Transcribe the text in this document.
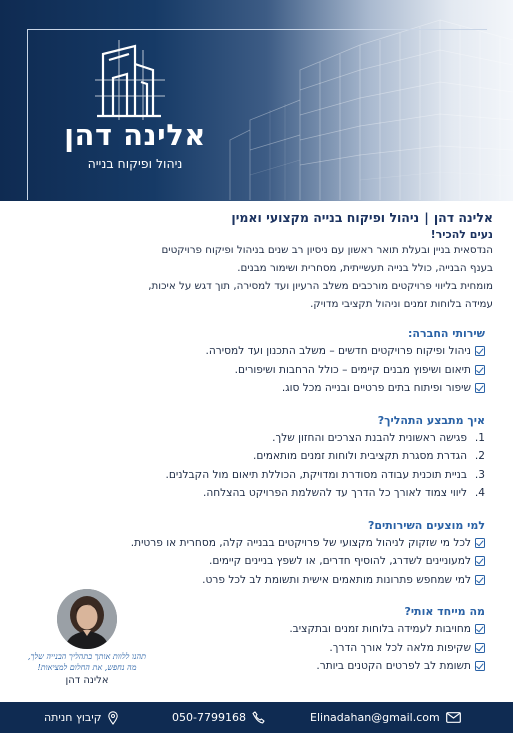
אלינה דהן
ניהול ופיקוח בנייה
אלינה דהן|ניהול ופיקוח בנייה מקצועי ואמין
נעים להכיר!

הנדסאית בניין ובעלת תואר ראשון עם ניסיון רב שנים בניהול ופיקוח פרויקטים

בענף הבנייה, כולל בנייה תעשייתית, מסחרית ושימור מבנים.

מומחית בליווי פרויקטים מורכבים משלב הרעיון ועד למסירה, תוך דגש על איכות,

עמידה בלוחות זמנים וניהול תקציבי מדויק.

שירותי החברה:
ניהול ופיקוח פרויקטים חדשים – משלב התכנון ועד למסירה.
תיאום ושיפוץ מבנים קיימים – כולל הרחבות ושיפורים.
שיפור ופיתוח בתים פרטיים ובנייה מכל סוג.
איך מתבצע התהליך?
1.
פגישה ראשונית להבנת הצרכים והחזון שלך.
2.
הגדרת מסגרת תקציבית ולוחות זמנים מותאמים.
3.
בניית תוכנית עבודה מסודרת ומדויקת, הכוללת תיאום מול הקבלנים.
4.
ליווי צמוד לאורך כל הדרך עד להשלמת הפרויקט בהצלחה.
למי מוצעים השירותים?
לכל מי שזקוק לניהול מקצועי של פרויקטים בבנייה קלה, מסחרית או פרטית.
למעוניינים לשדרג, להוסיף חדרים, או לשפץ בניינים קיימים.
למי שמחפש פתרונות מותאמים אישית ותשומת לב לכל פרט.
מה מייחד אותי?
מחויבות לעמידה בלוחות זמנים ובתקציב.
שקיפות מלאה לכל אורך הדרך.
תשומת לב לפרטים הקטנים ביותר.
תהנו ללוות אותך בתהליך הבנייה שלך,
מה נחפש, את החלום למציאות!
אלינה דהן
Elinadahan@gmail.com
050-7799168
קיבוץ חניתה
